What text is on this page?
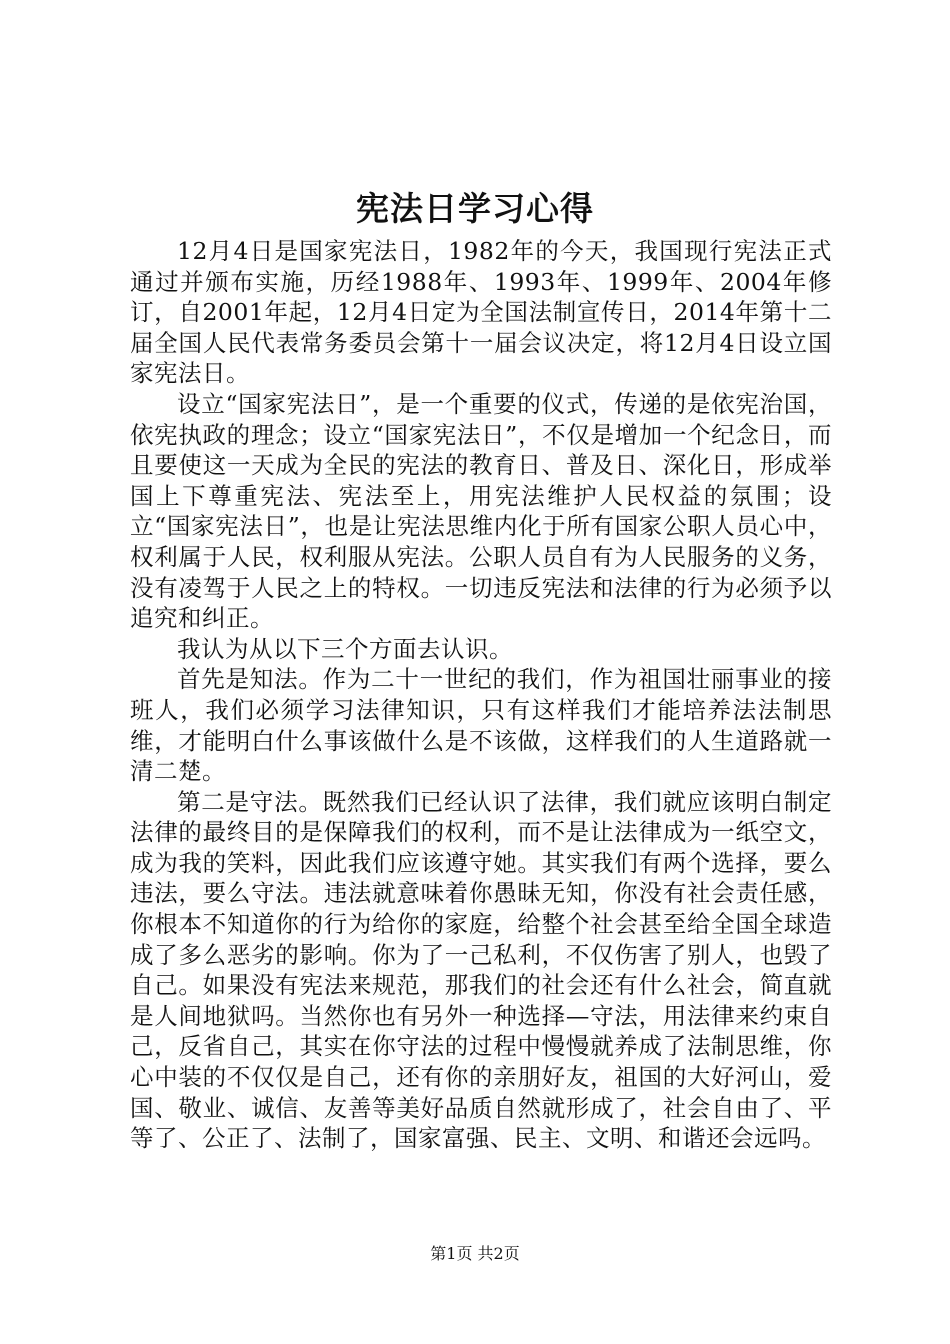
宪法日学习心得

12月4日是国家宪法日，1982年的今天，我国现行宪法正式通过并颁布实施，历经1988年、1993年、1999年、2004年修订，自2001年起，12月4日定为全国法制宣传日，2014年第十二届全国人民代表常务委员会第十一届会议决定，将12月4日设立国家宪法日。

设立“国家宪法日”，是一个重要的仪式，传递的是依宪治国，依宪执政的理念；设立“国家宪法日”，不仅是增加一个纪念日，而且要使这一天成为全民的宪法的教育日、普及日、深化日，形成举国上下尊重宪法、宪法至上，用宪法维护人民权益的氛围；设立“国家宪法日”，也是让宪法思维内化于所有国家公职人员心中，权利属于人民，权利服从宪法。公职人员自有为人民服务的义务，没有凌驾于人民之上的特权。一切违反宪法和法律的行为必须予以追究和纠正。

我认为从以下三个方面去认识。

首先是知法。作为二十一世纪的我们，作为祖国壮丽事业的接班人，我们必须学习法律知识，只有这样我们才能培养法法制思维，才能明白什么事该做什么是不该做，这样我们的人生道路就一清二楚。

第二是守法。既然我们已经认识了法律，我们就应该明白制定法律的最终目的是保障我们的权利，而不是让法律成为一纸空文，成为我的笑料，因此我们应该遵守她。其实我们有两个选择，要么违法，要么守法。违法就意味着你愚昧无知，你没有社会责任感，你根本不知道你的行为给你的家庭，给整个社会甚至给全国全球造成了多么恶劣的影响。你为了一己私利，不仅伤害了别人，也毁了自己。如果没有宪法来规范，那我们的社会还有什么社会，简直就是人间地狱吗。当然你也有另外一种选择—守法，用法律来约束自己，反省自己，其实在你守法的过程中慢慢就养成了法制思维，你心中装的不仅仅是自己，还有你的亲朋好友，祖国的大好河山，爱国、敬业、诚信、友善等美好品质自然就形成了，社会自由了、平等了、公正了、法制了，国家富强、民主、文明、和谐还会远吗。

第1页 共2页
